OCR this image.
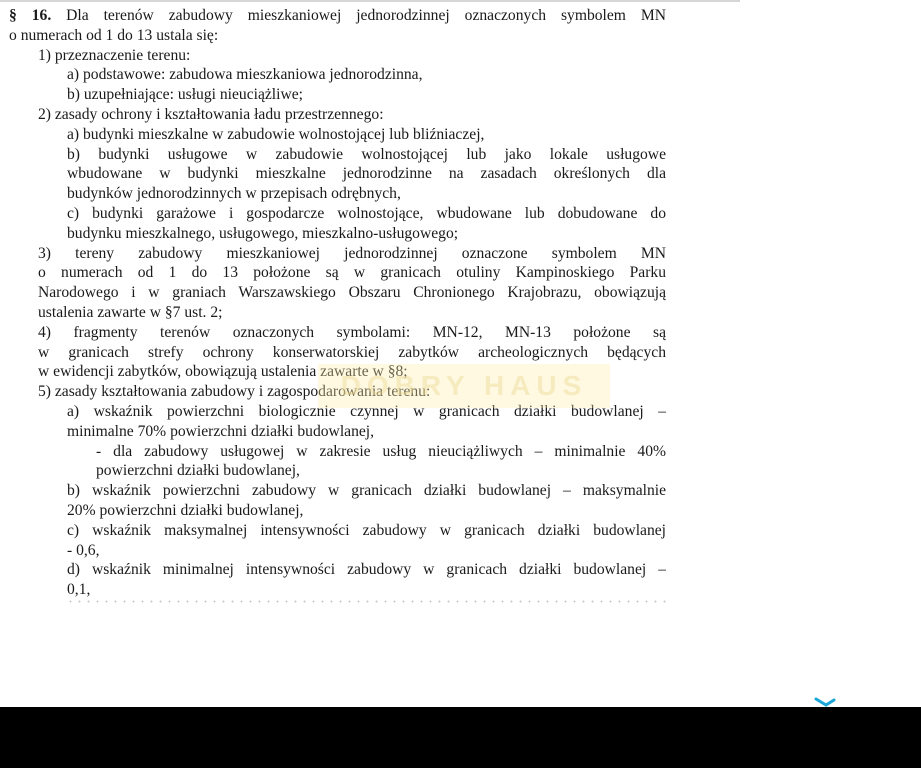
§ 16. Dla terenów zabudowy mieszkaniowej jednorodzinnej oznaczonych symbolem MN
o numerach od 1 do 13 ustala się:
1) przeznaczenie terenu:
a) podstawowe: zabudowa mieszkaniowa jednorodzinna,
b) uzupełniające: usługi nieuciążliwe;
2) zasady ochrony i kształtowania ładu przestrzennego:
a) budynki mieszkalne w zabudowie wolnostojącej lub bliźniaczej,
b) budynki usługowe w zabudowie wolnostojącej lub jako lokale usługowe
wbudowane w budynki mieszkalne jednorodzinne na zasadach określonych dla
budynków jednorodzinnych w przepisach odrębnych,
c) budynki garażowe i gospodarcze wolnostojące, wbudowane lub dobudowane do
budynku mieszkalnego, usługowego, mieszkalno-usługowego;
3) tereny zabudowy mieszkaniowej jednorodzinnej oznaczone symbolem MN
o numerach od 1 do 13 położone są w granicach otuliny Kampinoskiego Parku
Narodowego i w graniach Warszawskiego Obszaru Chronionego Krajobrazu, obowiązują
ustalenia zawarte w §7 ust. 2;
4) fragmenty terenów oznaczonych symbolami: MN-12, MN-13 położone są
w granicach strefy ochrony konserwatorskiej zabytków archeologicznych będących
w ewidencji zabytków, obowiązują ustalenia zawarte w §8;
5) zasady kształtowania zabudowy i zagospodarowania terenu:
a) wskaźnik powierzchni biologicznie czynnej w granicach działki budowlanej –
minimalne 70% powierzchni działki budowlanej,
- dla zabudowy usługowej w zakresie usług nieuciążliwych – minimalnie 40%
powierzchni działki budowlanej,
b) wskaźnik powierzchni zabudowy w granicach działki budowlanej – maksymalnie
20% powierzchni działki budowlanej,
c) wskaźnik maksymalnej intensywności zabudowy w granicach działki budowlanej
- 0,6,
d) wskaźnik minimalnej intensywności zabudowy w granicach działki budowlanej –
0,1,
DOBRY HAUS
